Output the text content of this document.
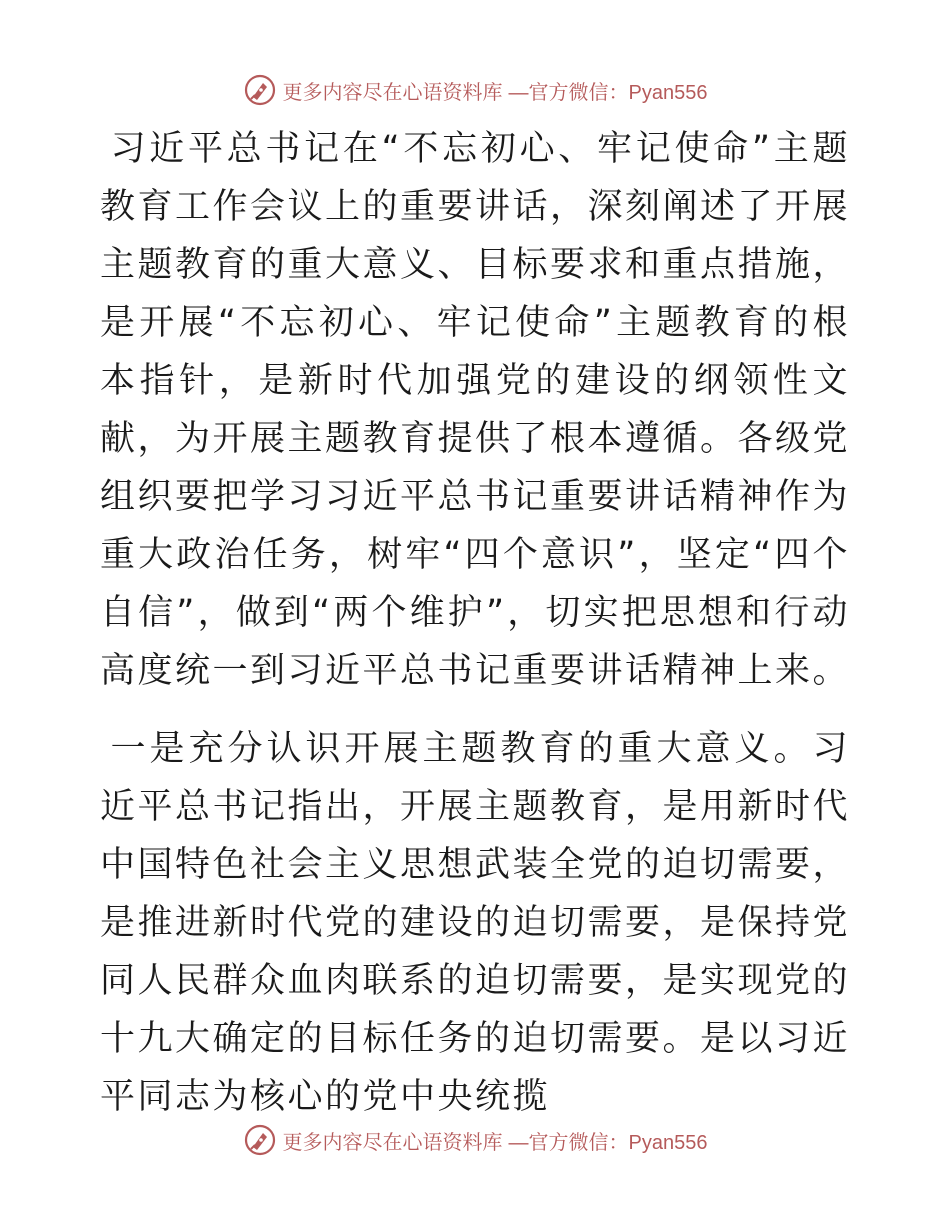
更多内容尽在心语资料库 —官方微信：Pyan556

习近平总书记在“不忘初心、牢记使命”主题教育工作会议上的重要讲话，深刻阐述了开展主题教育的重大意义、目标要求和重点措施，是开展“不忘初心、牢记使命”主题教育的根本指针，是新时代加强党的建设的纲领性文献，为开展主题教育提供了根本遵循。各级党组织要把学习习近平总书记重要讲话精神作为重大政治任务，树牢“四个意识”，坚定“四个自信”，做到“两个维护”，切实把思想和行动高度统一到习近平总书记重要讲话精神上来。

一是充分认识开展主题教育的重大意义。习近平总书记指出，开展主题教育，是用新时代中国特色社会主义思想武装全党的迫切需要，是推进新时代党的建设的迫切需要，是保持党同人民群众血肉联系的迫切需要，是实现党的十九大确定的目标任务的迫切需要。是以习近平同志为核心的党中央统揽

更多内容尽在心语资料库 —官方微信：Pyan556
